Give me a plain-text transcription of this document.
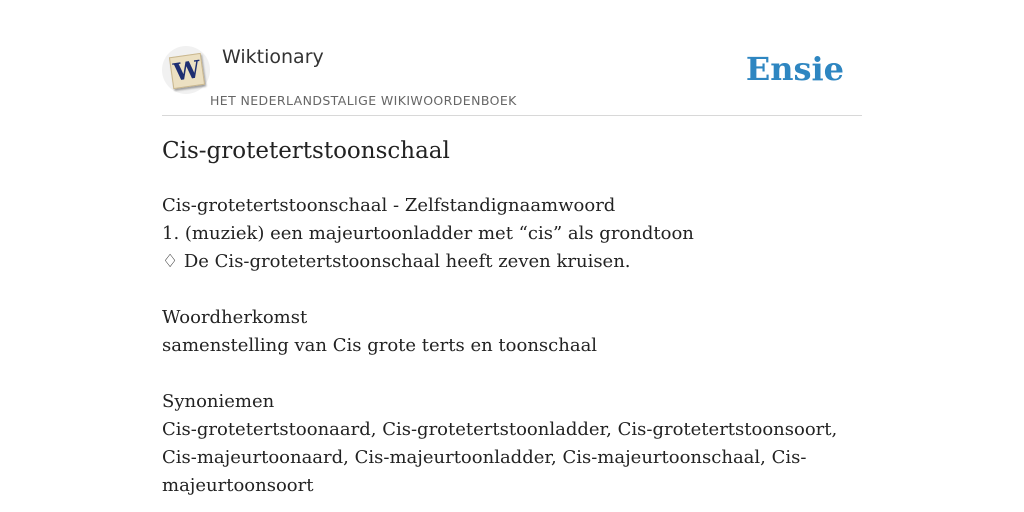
W Wiktionary
HET NEDERLANDSTALIGE WIKIWOORDENBOEK
Ensie
Cis-grotetertstoonschaal

Cis-grotetertstoonschaal - Zelfstandignaamwoord

1. (muziek) een majeurtoonladder met “cis” als grondtoon

♢ De Cis-grotetertstoonschaal heeft zeven kruisen.

Woordherkomst

samenstelling van Cis grote terts en toonschaal

Synoniemen

Cis-grotetertstoonaard, Cis-grotetertstoonladder, Cis-grotetertstoonsoort, Cis-majeurtoonaard, Cis-majeurtoonladder, Cis-majeurtoonschaal, Cis-majeurtoonsoort
